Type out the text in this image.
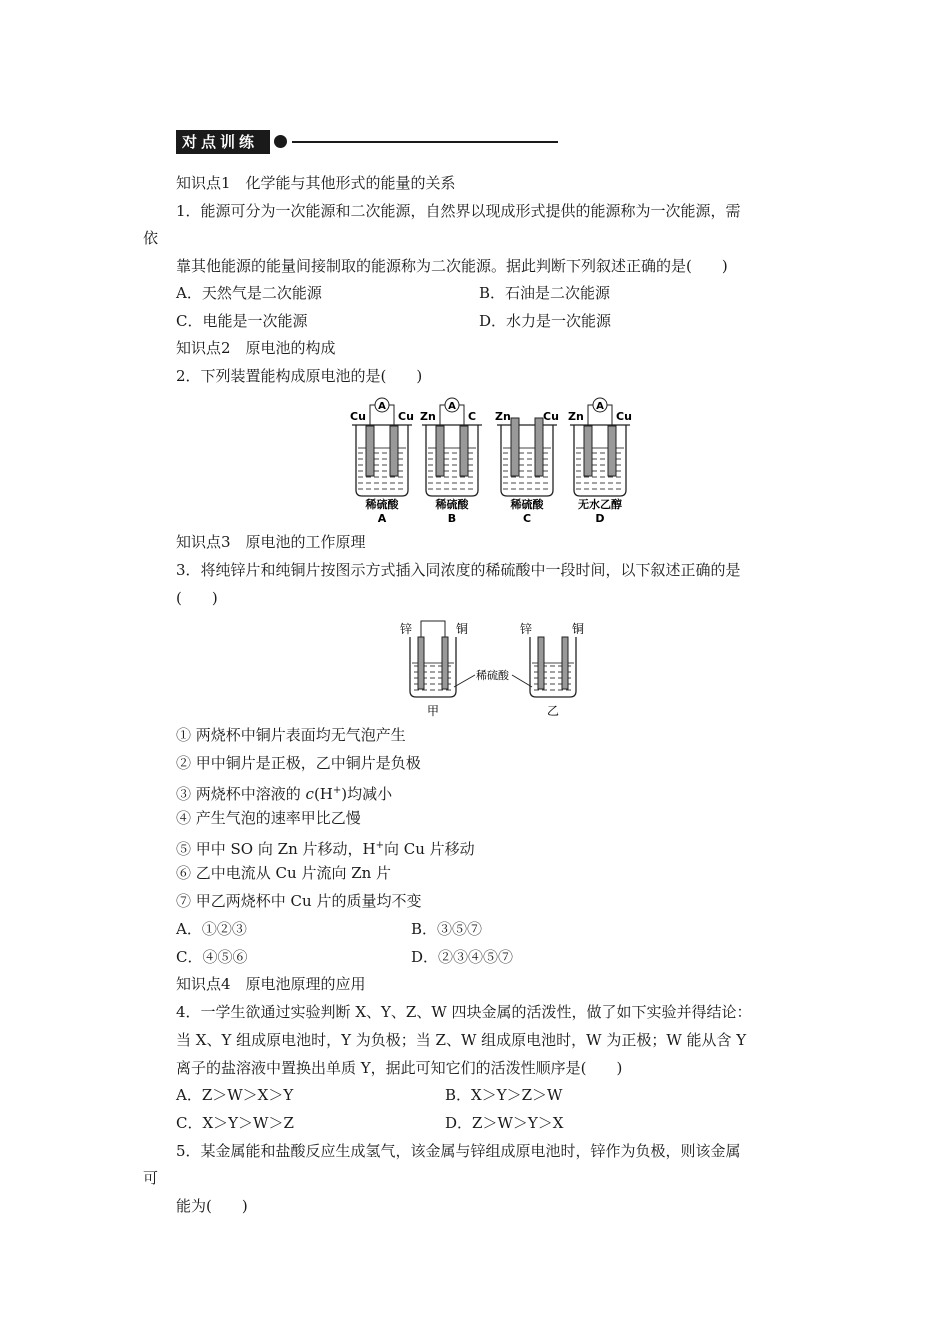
对点训练
知识点1　化学能与其他形式的能量的关系
1．能源可分为一次能源和二次能源，自然界以现成形式提供的能源称为一次能源，需
依
靠其他能源的能量间接制取的能源称为二次能源。据此判断下列叙述正确的是(　　)
A．天然气是二次能源	B．石油是二次能源
C．电能是一次能源	D．水力是一次能源
知识点2　原电池的构成
2．下列装置能构成原电池的是(　　)
A
Cu	Cu
稀硫酸
A
A
Zn	C
稀硫酸
B
Zn	Cu
稀硫酸
C
A
Zn	Cu
无水乙醇
D
知识点3　原电池的工作原理
3．将纯锌片和纯铜片按图示方式插入同浓度的稀硫酸中一段时间，以下叙述正确的是
(　　)
锌	铜
甲
锌	铜
乙
稀硫酸
① 两烧杯中铜片表面均无气泡产生
② 甲中铜片是正极，乙中铜片是负极
③ 两烧杯中溶液的 c(H+)均减小
④ 产生气泡的速率甲比乙慢
⑤ 甲中 SO 向 Zn 片移动，H+向 Cu 片移动
⑥ 乙中电流从 Cu 片流向 Zn 片
⑦ 甲乙两烧杯中 Cu 片的质量均不变
A．①②③	B．③⑤⑦
C．④⑤⑥	D．②③④⑤⑦
知识点4　原电池原理的应用
4．一学生欲通过实验判断 X、Y、Z、W 四块金属的活泼性，做了如下实验并得结论：
当 X、Y 组成原电池时，Y 为负极；当 Z、W 组成原电池时，W 为正极；W 能从含 Y
离子的盐溶液中置换出单质 Y，据此可知它们的活泼性顺序是(　　)
A．Z＞W＞X＞Y	B．X＞Y＞Z＞W
C．X＞Y＞W＞Z	D．Z＞W＞Y＞X
5．某金属能和盐酸反应生成氢气，该金属与锌组成原电池时，锌作为负极，则该金属
可
能为(　　)
